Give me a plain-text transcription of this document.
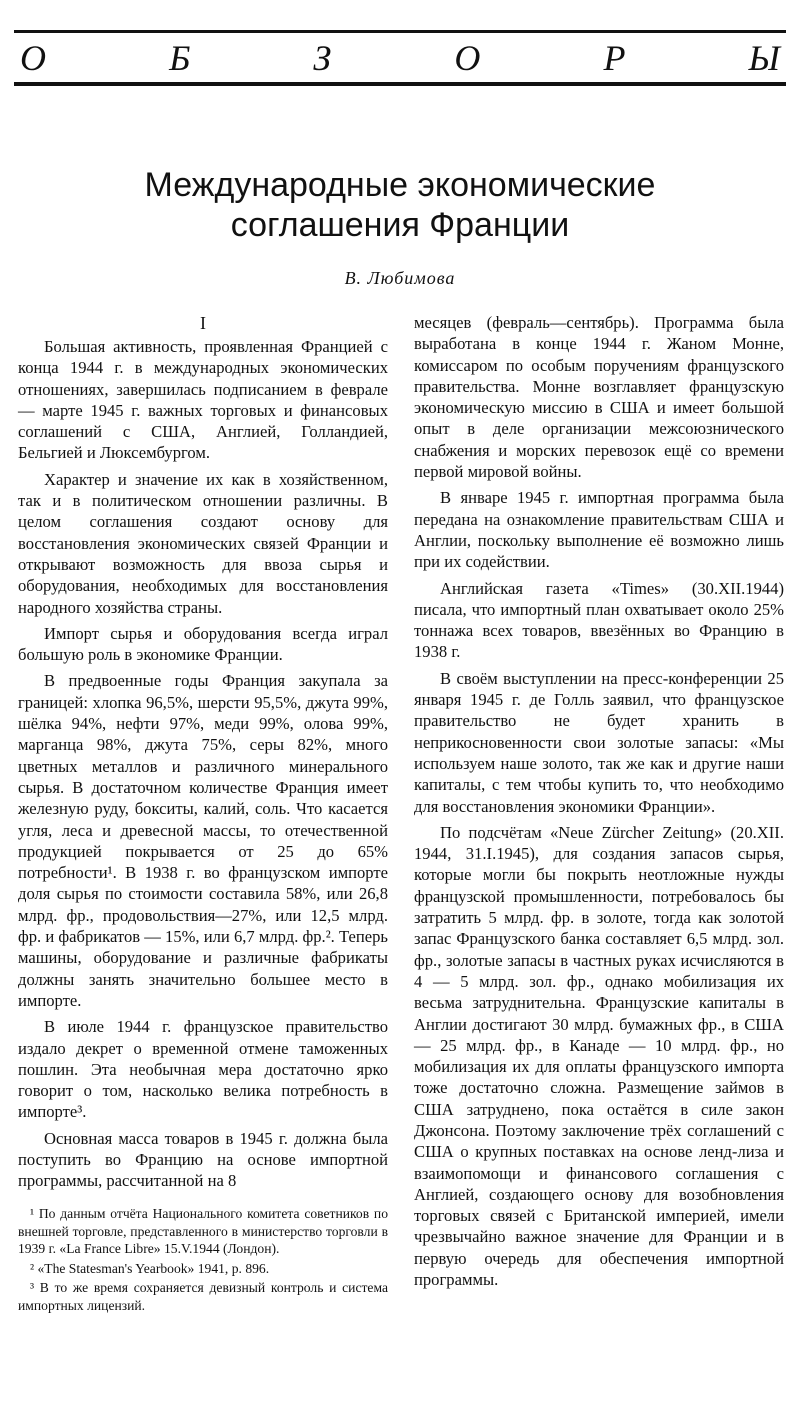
О	Б	З	О	Р	Ы
Международные экономические
соглашения Франции
В. Любимова
I

Большая активность, проявленная Францией с конца 1944 г. в международных экономических отношениях, завершилась подписанием в феврале — марте 1945 г. важных торговых и финансовых соглашений с США, Англией, Голландией, Бельгией и Люксембургом.

Характер и значение их как в хозяйственном, так и в политическом отношении различны. В целом соглашения создают основу для восстановления экономических связей Франции и открывают возможность для ввоза сырья и оборудования, необходимых для восстановления народного хозяйства страны.

Импорт сырья и оборудования всегда играл большую роль в экономике Франции.

В предвоенные годы Франция закупала за границей: хлопка 96,5%, шерсти 95,5%, джута 99%, шёлка 94%, нефти 97%, меди 99%, олова 99%, марганца 98%, джута 75%, серы 82%, много цветных металлов и различного минерального сырья. В достаточном количестве Франция имеет железную руду, бокситы, калий, соль. Что касается угля, леса и древесной массы, то отечественной продукцией покрывается от 25 до 65% потребности¹. В 1938 г. во французском импорте доля сырья по стоимости составила 58%, или 26,8 млрд. фр., продовольствия—27%, или 12,5 млрд. фр. и фабрикатов — 15%, или 6,7 млрд. фр.². Теперь машины, оборудование и различные фабрикаты должны занять значительно большее место в импорте.

В июле 1944 г. французское правительство издало декрет о временной отмене таможенных пошлин. Эта необычная мера достаточно ярко говорит о том, насколько велика потребность в импорте³.

Основная масса товаров в 1945 г. должна была поступить во Францию на основе импортной программы, рассчитанной на 8

¹ По данным отчёта Национального комитета советников по внешней торговле, представленного в министерство торговли в 1939 г. «La France Libre» 15.V.1944 (Лондон).

² «The Statesman's Yearbook» 1941, p. 896.

³ В то же время сохраняется девизный контроль и система импортных лицензий.

месяцев (февраль—сентябрь). Программа была выработана в конце 1944 г. Жаном Монне, комиссаром по особым поручениям французского правительства. Монне возглавляет французскую экономическую миссию в США и имеет большой опыт в деле организации межсоюзнического снабжения и морских перевозок ещё со времени первой мировой войны.

В январе 1945 г. импортная программа была передана на ознакомление правительствам США и Англии, поскольку выполнение её возможно лишь при их содействии.

Английская газета «Times» (30.XII.1944) писала, что импортный план охватывает около 25% тоннажа всех товаров, ввезённых во Францию в 1938 г.

В своём выступлении на пресс-конференции 25 января 1945 г. де Голль заявил, что французское правительство не будет хранить в неприкосновенности свои золотые запасы: «Мы используем наше золото, так же как и другие наши капиталы, с тем чтобы купить то, что необходимо для восстановления экономики Франции».

По подсчётам «Neue Zürcher Zeitung» (20.XII. 1944, 31.I.1945), для создания запасов сырья, которые могли бы покрыть неотложные нужды французской промышленности, потребовалось бы затратить 5 млрд. фр. в золоте, тогда как золотой запас Французского банка составляет 6,5 млрд. зол. фр., золотые запасы в частных руках исчисляются в 4 — 5 млрд. зол. фр., однако мобилизация их весьма затруднительна. Французские капиталы в Англии достигают 30 млрд. бумажных фр., в США — 25 млрд. фр., в Канаде — 10 млрд. фр., но мобилизация их для оплаты французского импорта тоже достаточно сложна. Размещение займов в США затруднено, пока остаётся в силе закон Джонсона. Поэтому заключение трёх соглашений с США о крупных поставках на основе ленд-лиза и взаимопомощи и финансового соглашения с Англией, создающего основу для возобновления торговых связей с Британской империей, имели чрезвычайно важное значение для Франции и в первую очередь для обеспечения импортной программы.
